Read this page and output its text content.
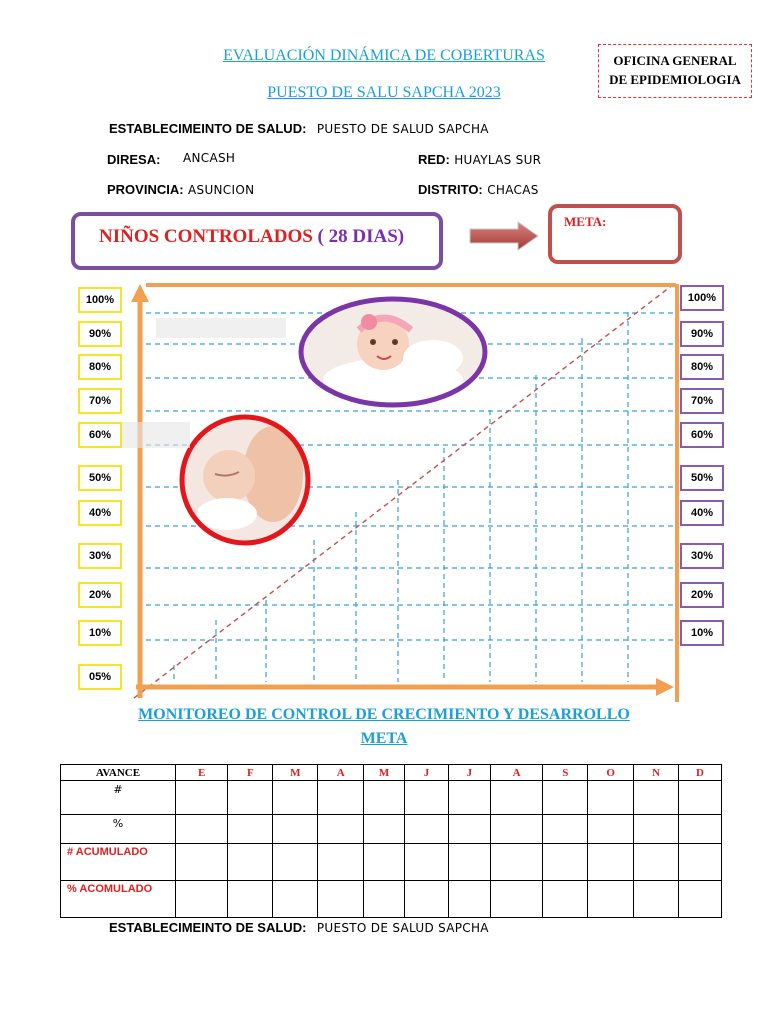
EVALUACIÓN DINÁMICA DE COBERTURAS
PUESTO DE SALU SAPCHA 2023
OFICINA GENERAL
DE EPIDEMIOLOGIA
ESTABLECIMEINTO DE SALUD: PUESTO DE SALUD SAPCHA
DIRESA: ANCASH	RED: HUAYLAS SUR
PROVINCIA: ASUNCION	DISTRITO: CHACAS
NIÑOS CONTROLADOS ( 28 DIAS)
META:
100%
90%
80%
70%
60%
50%
40%
30%
20%
10%
05%
100%
90%
80%
70%
60%
50%
40%
30%
20%
10%
MONITOREO DE CONTROL DE CRECIMIENTO Y DESARROLLO
META
AVANCE	E	F	M	A	M	J	J	A	S	O	N	D
#												
%												
# ACUMULADO												
% ACOMULADO												
ESTABLECIMEINTO DE SALUD: PUESTO DE SALUD SAPCHA
